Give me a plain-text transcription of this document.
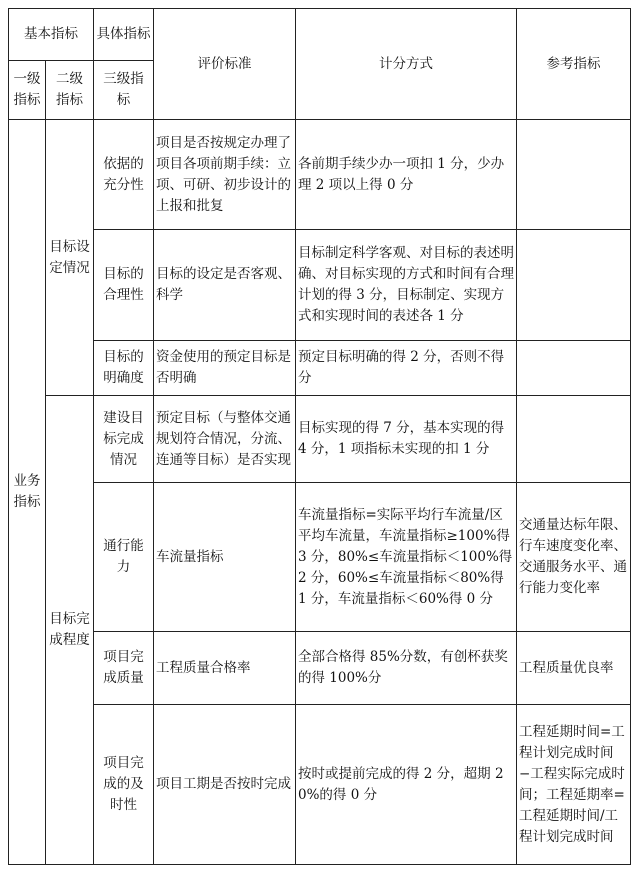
基本指标		具体指标	评价标准	计分方式	参考指标
一级指标	二级指标	三级指标			
业务指标	目标设定情况	依据的充分性	项目是否按规定办理了项目各项前期手续：立项、可研、初步设计的上报和批复	各前期手续少办一项扣 1 分，少办理 2 项以上得 0 分	
		目标的合理性	目标的设定是否客观、科学	目标制定科学客观、对目标的表述明确、对目标实现的方式和时间有合理计划的得 3 分，目标制定、实现方式和实现时间的表述各 1 分	
		目标的明确度	资金使用的预定目标是否明确	预定目标明确的得 2 分，否则不得分	
	目标完成程度	建设目标完成情况	预定目标（与整体交通规划符合情况，分流、连通等目标）是否实现	目标实现的得 7 分，基本实现的得 4 分，1 项指标未实现的扣 1 分	
		通行能力	车流量指标	车流量指标=实际平均行车流量/区平均车流量，车流量指标≥100%得 3 分，80%≤车流量指标＜100%得 2 分，60%≤车流量指标＜80%得 1 分，车流量指标＜60%得 0 分	交通量达标年限、行车速度变化率、交通服务水平、通行能力变化率
		项目完成质量	工程质量合格率	全部合格得 85%分数，有创杯获奖的得 100%分	工程质量优良率
		项目完成的及时性	项目工期是否按时完成	按时或提前完成的得 2 分，超期 20%的得 0 分	工程延期时间=工程计划完成时间−工程实际完成时间；工程延期率=工程延期时间/工程计划完成时间
